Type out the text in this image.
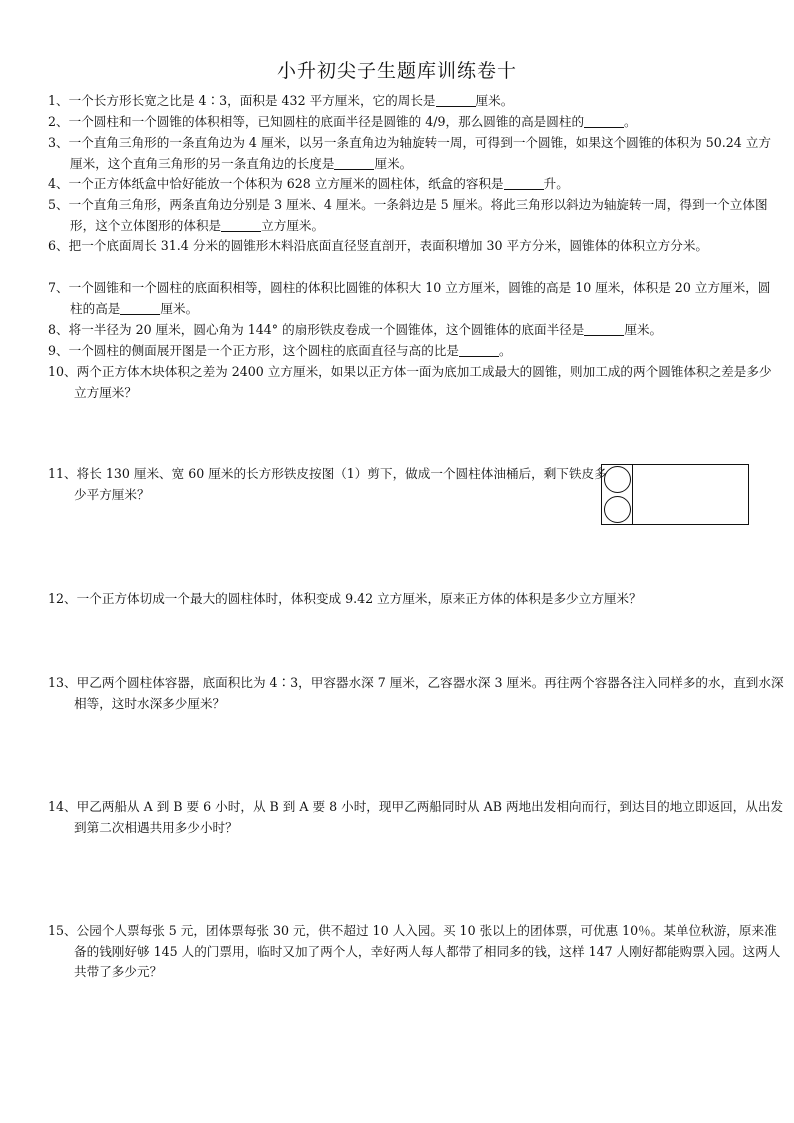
小升初尖子生题库训练卷十
1、一个长方形长宽之比是 4∶3，面积是 432 平方厘米，它的周长是	厘米。
2、一个圆柱和一个圆锥的体积相等，已知圆柱的底面半径是圆锥的 4/9，那么圆锥的高是圆柱的	。
3、一个直角三角形的一条直角边为 4 厘米，以另一条直角边为轴旋转一周，可得到一个圆锥，如果这个圆锥的体积为 50.24 立方厘米，这个直角三角形的另一条直角边的长度是	厘米。
4、一个正方体纸盒中恰好能放一个体积为 628 立方厘米的圆柱体，纸盒的容积是	升。
5、一个直角三角形，两条直角边分别是 3 厘米、4 厘米。一条斜边是 5 厘米。将此三角形以斜边为轴旋转一周，得到一个立体图形，这个立体图形的体积是	立方厘米。
6、把一个底面周长 31.4 分米的圆锥形木料沿底面直径竖直剖开，表面积增加 30 平方分米，圆锥体的体积立方分米。
7、一个圆锥和一个圆柱的底面积相等，圆柱的体积比圆锥的体积大 10 立方厘米，圆锥的高是 10 厘米，体积是 20 立方厘米，圆柱的高是	厘米。
8、将一半径为 20 厘米，圆心角为 144° 的扇形铁皮卷成一个圆锥体，这个圆锥体的底面半径是	厘米。
9、一个圆柱的侧面展开图是一个正方形，这个圆柱的底面直径与高的比是	。
10、两个正方体木块体积之差为 2400 立方厘米，如果以正方体一面为底加工成最大的圆锥，则加工成的两个圆锥体积之差是多少立方厘米？
11、将长 130 厘米、宽 60 厘米的长方形铁皮按图（1）剪下，做成一个圆柱体油桶后，剩下铁皮多少平方厘米？
12、一个正方体切成一个最大的圆柱体时，体积变成 9.42 立方厘米，原来正方体的体积是多少立方厘米？
13、甲乙两个圆柱体容器，底面积比为 4∶3，甲容器水深 7 厘米，乙容器水深 3 厘米。再往两个容器各注入同样多的水，直到水深相等，这时水深多少厘米？
14、甲乙两船从 A 到 B 要 6 小时，从 B 到 A 要 8 小时，现甲乙两船同时从 AB 两地出发相向而行，到达目的地立即返回，从出发到第二次相遇共用多少小时？
15、公园个人票每张 5 元，团体票每张 30 元，供不超过 10 人入园。买 10 张以上的团体票，可优惠 10％。某单位秋游，原来准备的钱刚好够 145 人的门票用，临时又加了两个人，幸好两人每人都带了相同多的钱，这样 147 人刚好都能购票入园。这两人共带了多少元？
